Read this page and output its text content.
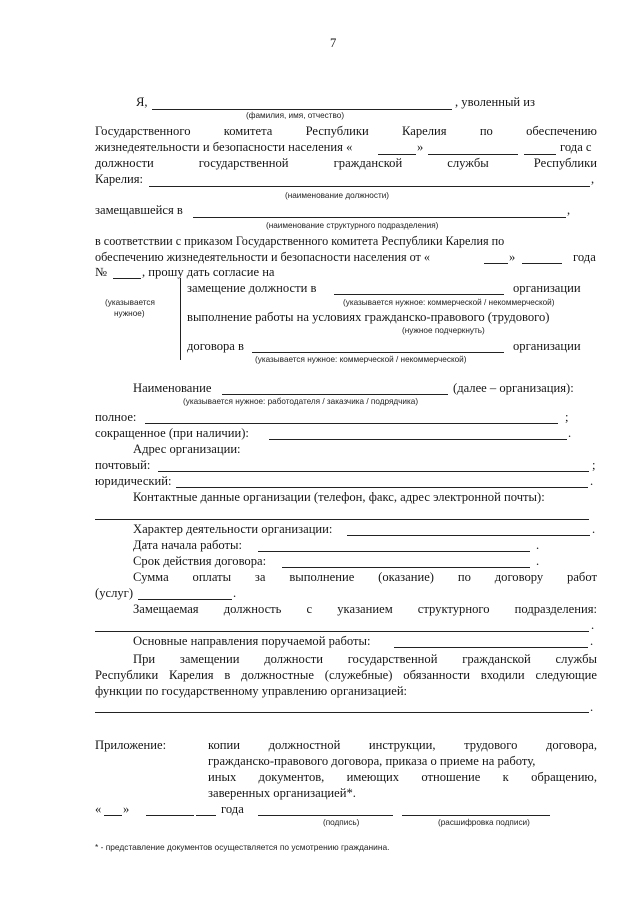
7
Я,	, уволенный из
(фамилия, имя, отчество)
Государственного	комитета	Республики	Карелия	по	обеспечению
жизнедеятельности и безопасности населения «	»	года с
должности	государственной	гражданской	службы	Республики
Карелия:	,
(наименование должности)
замещавшейся в	,
(наименование структурного подразделения)
в соответствии с приказом Государственного комитета Республики Карелия по
обеспечению жизнедеятельности и безопасности населения от «	»	года
№	, прошу дать согласие на
(указывается
нужное)
замещение должности в	организации
(указывается нужное: коммерческой / некоммерческой)
выполнение работы на условиях гражданско-правового (трудового)
(нужное подчеркнуть)
договора в	организации
(указывается нужное: коммерческой / некоммерческой)
Наименование	(далее – организация):
(указывается нужное: работодателя / заказчика / подрядчика)
полное:	;
сокращенное (при наличии):	.
Адрес организации:
почтовый:	;
юридический:	.
Контактные данные организации (телефон, факс, адрес электронной почты):
Характер деятельности организации:	.
Дата начала работы:	.
Срок действия договора:	.
Сумма оплаты за выполнение (оказание) по договору работ
(услуг)	.
Замещаемая должность с указанием структурного подразделения:
.
Основные направления поручаемой работы:	.
При замещении должности государственной гражданской службы
Республики Карелия в должностные (служебные) обязанности входили следующие
функции по государственному управлению организацией:
.
Приложение:	копии должностной инструкции, трудового договора,
гражданско-правового договора, приказа о приеме на работу,
иных документов, имеющих отношение к обращению,
заверенных организацией*.
« »	года
(подпись)	(расшифровка подписи)
* - представление документов осуществляется по усмотрению гражданина.
